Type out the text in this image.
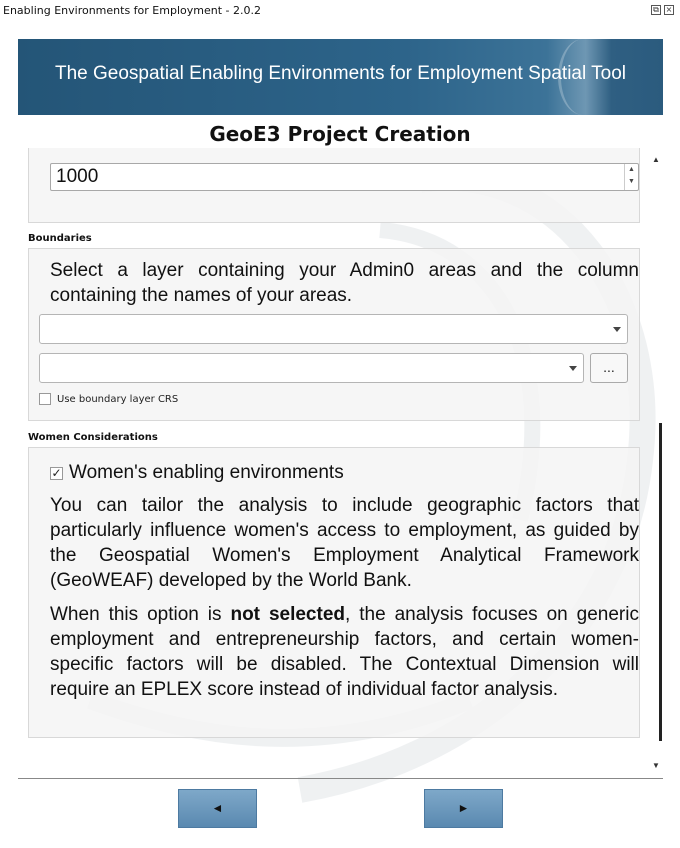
Enabling Environments for Employment - 2.0.2	⧉ ×
The Geospatial Enabling Environments for Employment Spatial Tool
GeoE3 Project Creation
1000	▲
▼
Boundaries
Select a layer containing your Admin0 areas and the column containing the names of your areas.
...
Use boundary layer CRS
Women Considerations
✓ Women's enabling environments
You can tailor the analysis to include geographic factors that particularly influence women's access to employment, as guided by the Geospatial Women's Employment Analytical Framework (GeoWEAF) developed by the World Bank.
When this option is not selected, the analysis focuses on generic employment and entrepreneurship factors, and certain women-specific factors will be disabled. The Contextual Dimension will require an EPLEX score instead of individual factor analysis.
▲
▼
◄	►
